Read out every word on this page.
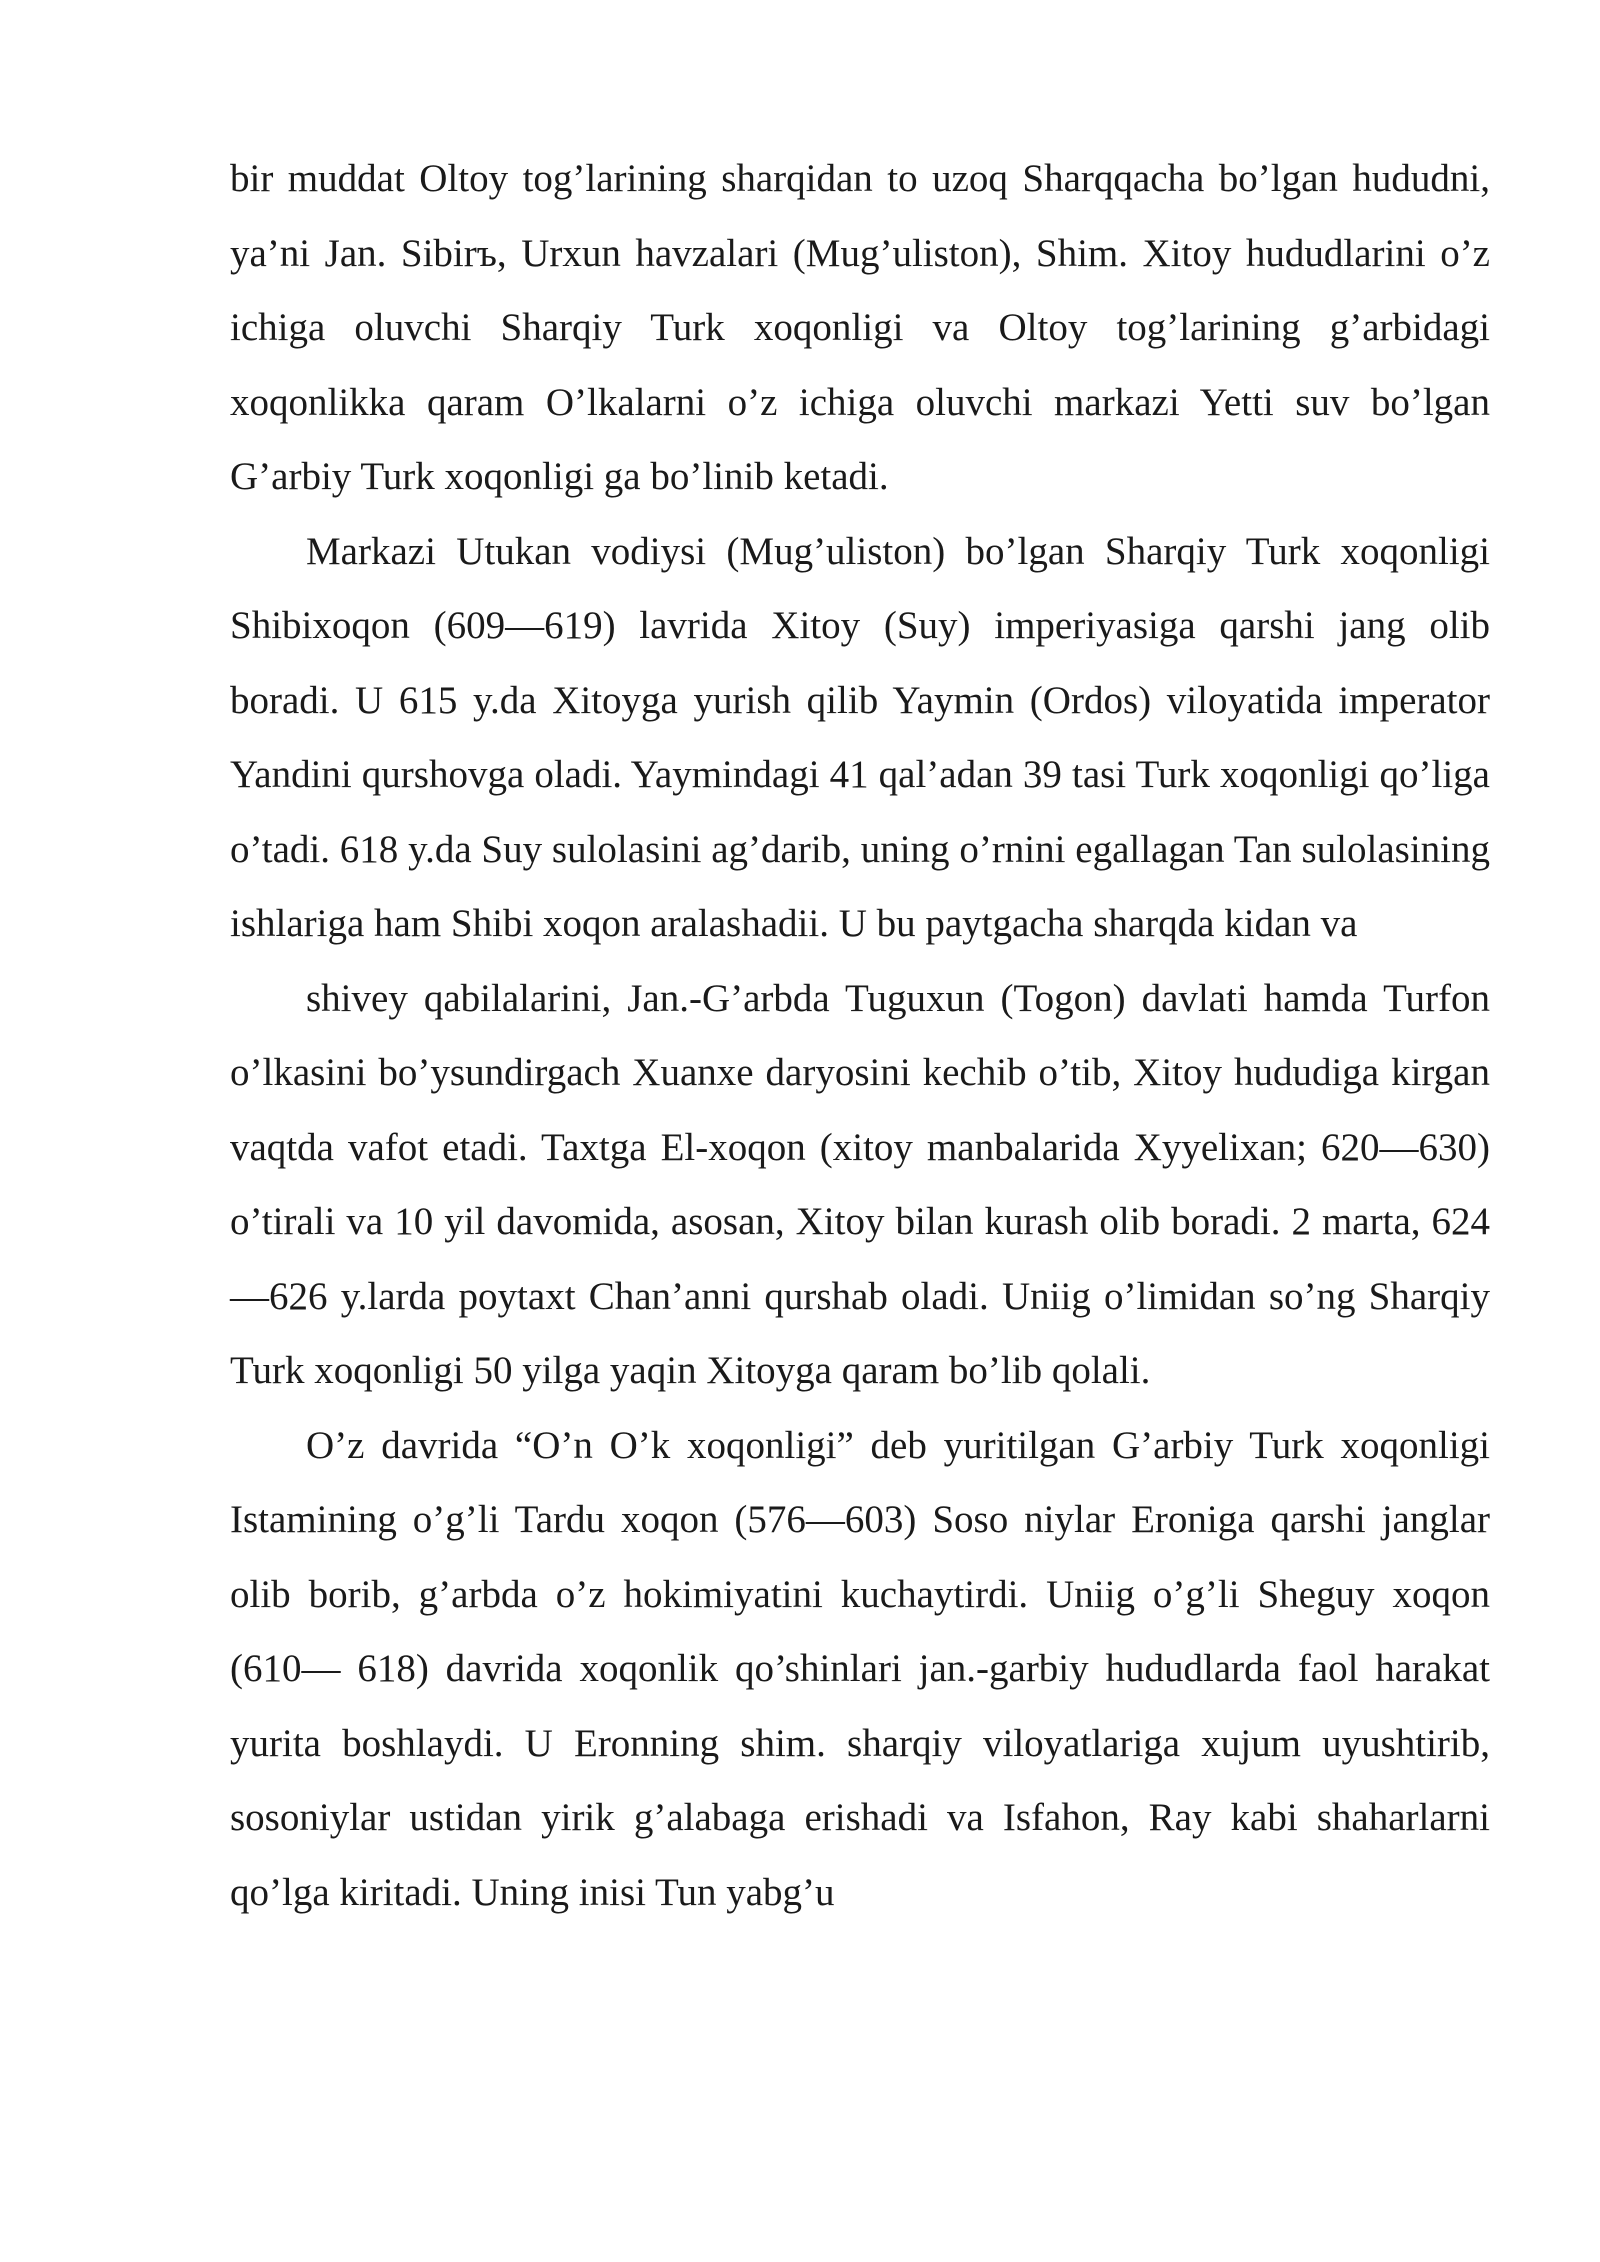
bir muddat Oltoy tog’larining sharqidan to uzoq Sharqqacha bo’lgan hududni, ya’ni Jan. Sibirъ, Urxun havzalari (Mug’uliston), Shim. Xitoy hududlarini o’z ichiga oluvchi Sharqiy Turk xoqonligi va Oltoy tog’larining g’arbidagi xoqonlikka qaram O’lkalarni o’z ichiga oluvchi markazi Yetti suv bo’lgan G’arbiy Turk xoqonligi ga bo’linib ketadi.

Markazi Utukan vodiysi (Mug’uliston) bo’lgan Sharqiy Turk xoqonligi Shibixoqon (609—619) lavrida Xitoy (Suy) imperiyasiga qarshi jang olib boradi. U 615 y.da Xitoyga yurish qilib Yaymin (Ordos) viloyatida imperator Yandini qurshovga oladi. Yaymindagi 41 qal’adan 39 tasi Turk xoqonligi qo’liga o’tadi. 618 y.da Suy sulolasini ag’darib, uning o’rnini egallagan Tan sulolasining ishlariga ham Shibi xoqon aralashadii. U bu paytgacha sharqda kidan va

shivey qabilalarini, Jan.-G’arbda Tuguxun (Togon) davlati hamda Turfon o’lkasini bo’ysundirgach Xuanxe daryosini kechib o’tib, Xitoy hududiga kirgan vaqtda vafot etadi. Taxtga El-xoqon (xitoy manbalarida Xyyelixan; 620—630) o’tirali va 10 yil davomida, asosan, Xitoy bilan kurash olib boradi. 2 marta, 624—626 y.larda poytaxt Chan’anni qurshab oladi. Uniig o’limidan so’ng Sharqiy Turk xoqonligi 50 yilga yaqin Xitoyga qaram bo’lib qolali.

O’z davrida “O’n O’k xoqonligi” deb yuritilgan G’arbiy Turk xoqonligi Istamining o’g’li Tardu xoqon (576—603) Soso niylar Eroniga qarshi janglar olib borib, g’arbda o’z hokimiyatini kuchaytirdi. Uniig o’g’li Sheguy xoqon (610— 618) davrida xoqonlik qo’shinlari jan.-garbiy hududlarda faol harakat yurita boshlaydi. U Eronning shim. sharqiy viloyatlariga xujum uyushtirib, sosoniylar ustidan yirik g’alabaga erishadi va Isfahon, Ray kabi shaharlarni qo’lga kiritadi. Uning inisi Tun yabg’u
